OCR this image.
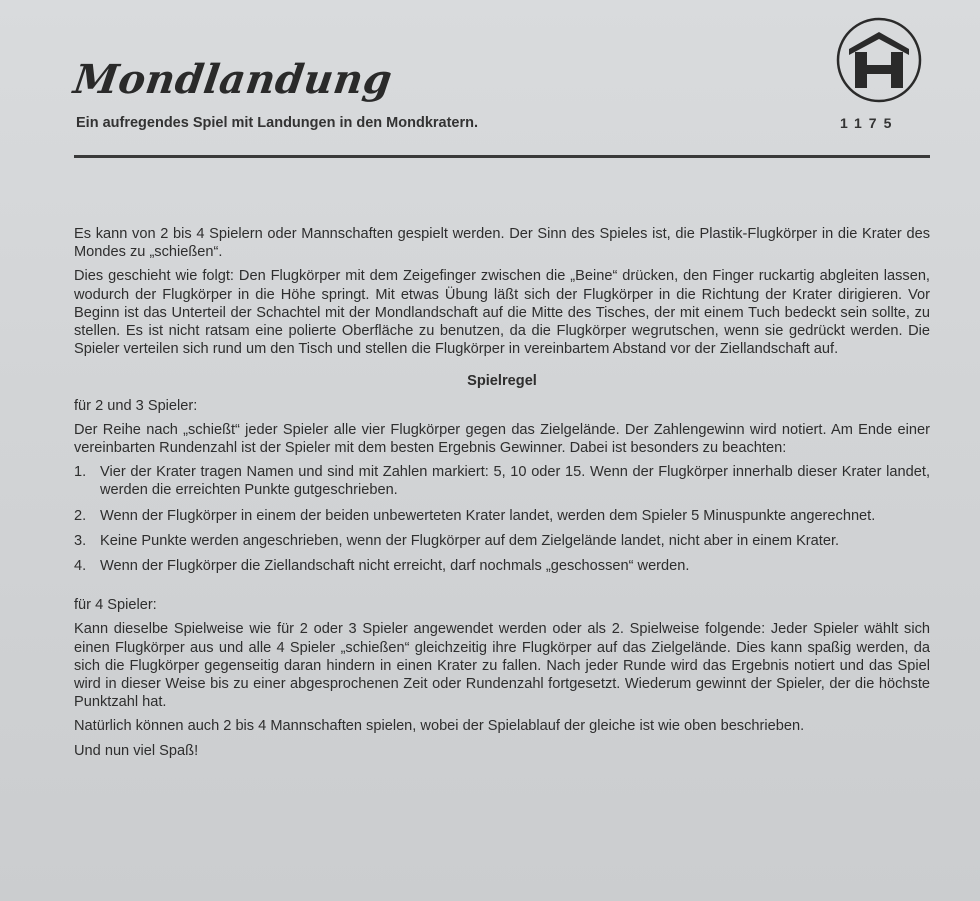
Mondlandung
Ein aufregendes Spiel mit Landungen in den Mondkratern.	1175

Es kann von 2 bis 4 Spielern oder Mannschaften gespielt werden. Der Sinn des Spieles ist, die Plastik-Flugkörper in die Krater des Mondes zu „schießen“.

Dies geschieht wie folgt: Den Flugkörper mit dem Zeigefinger zwischen die „Beine“ drücken, den Finger ruckartig abgleiten lassen, wodurch der Flugkörper in die Höhe springt. Mit etwas Übung läßt sich der Flugkörper in die Richtung der Krater dirigieren. Vor Beginn ist das Unterteil der Schachtel mit der Mondlandschaft auf die Mitte des Tisches, der mit einem Tuch bedeckt sein sollte, zu stellen. Es ist nicht ratsam eine polierte Oberfläche zu benutzen, da die Flugkörper wegrutschen, wenn sie gedrückt werden. Die Spieler verteilen sich rund um den Tisch und stellen die Flugkörper in vereinbartem Abstand vor der Ziellandschaft auf.

Spielregel
für 2 und 3 Spieler:

Der Reihe nach „schießt“ jeder Spieler alle vier Flugkörper gegen das Zielgelände. Der Zahlengewinn wird notiert. Am Ende einer vereinbarten Rundenzahl ist der Spieler mit dem besten Ergebnis Gewinner. Dabei ist besonders zu beachten:

1. Vier der Krater tragen Namen und sind mit Zahlen markiert: 5, 10 oder 15. Wenn der Flugkörper innerhalb dieser Krater landet, werden die erreichten Punkte gutgeschrieben.
2. Wenn der Flugkörper in einem der beiden unbewerteten Krater landet, werden dem Spieler 5 Minuspunkte angerechnet.
3. Keine Punkte werden angeschrieben, wenn der Flugkörper auf dem Zielgelände landet, nicht aber in einem Krater.
4. Wenn der Flugkörper die Ziellandschaft nicht erreicht, darf nochmals „geschossen“ werden.
für 4 Spieler:

Kann dieselbe Spielweise wie für 2 oder 3 Spieler angewendet werden oder als 2. Spielweise folgende: Jeder Spieler wählt sich einen Flugkörper aus und alle 4 Spieler „schießen“ gleichzeitig ihre Flugkörper auf das Zielgelände. Dies kann spaßig werden, da sich die Flugkörper gegenseitig daran hindern in einen Krater zu fallen. Nach jeder Runde wird das Ergebnis notiert und das Spiel wird in dieser Weise bis zu einer abgesprochenen Zeit oder Rundenzahl fortgesetzt. Wiederum gewinnt der Spieler, der die höchste Punktzahl hat.

Natürlich können auch 2 bis 4 Mannschaften spielen, wobei der Spielablauf der gleiche ist wie oben beschrieben.

Und nun viel Spaß!
